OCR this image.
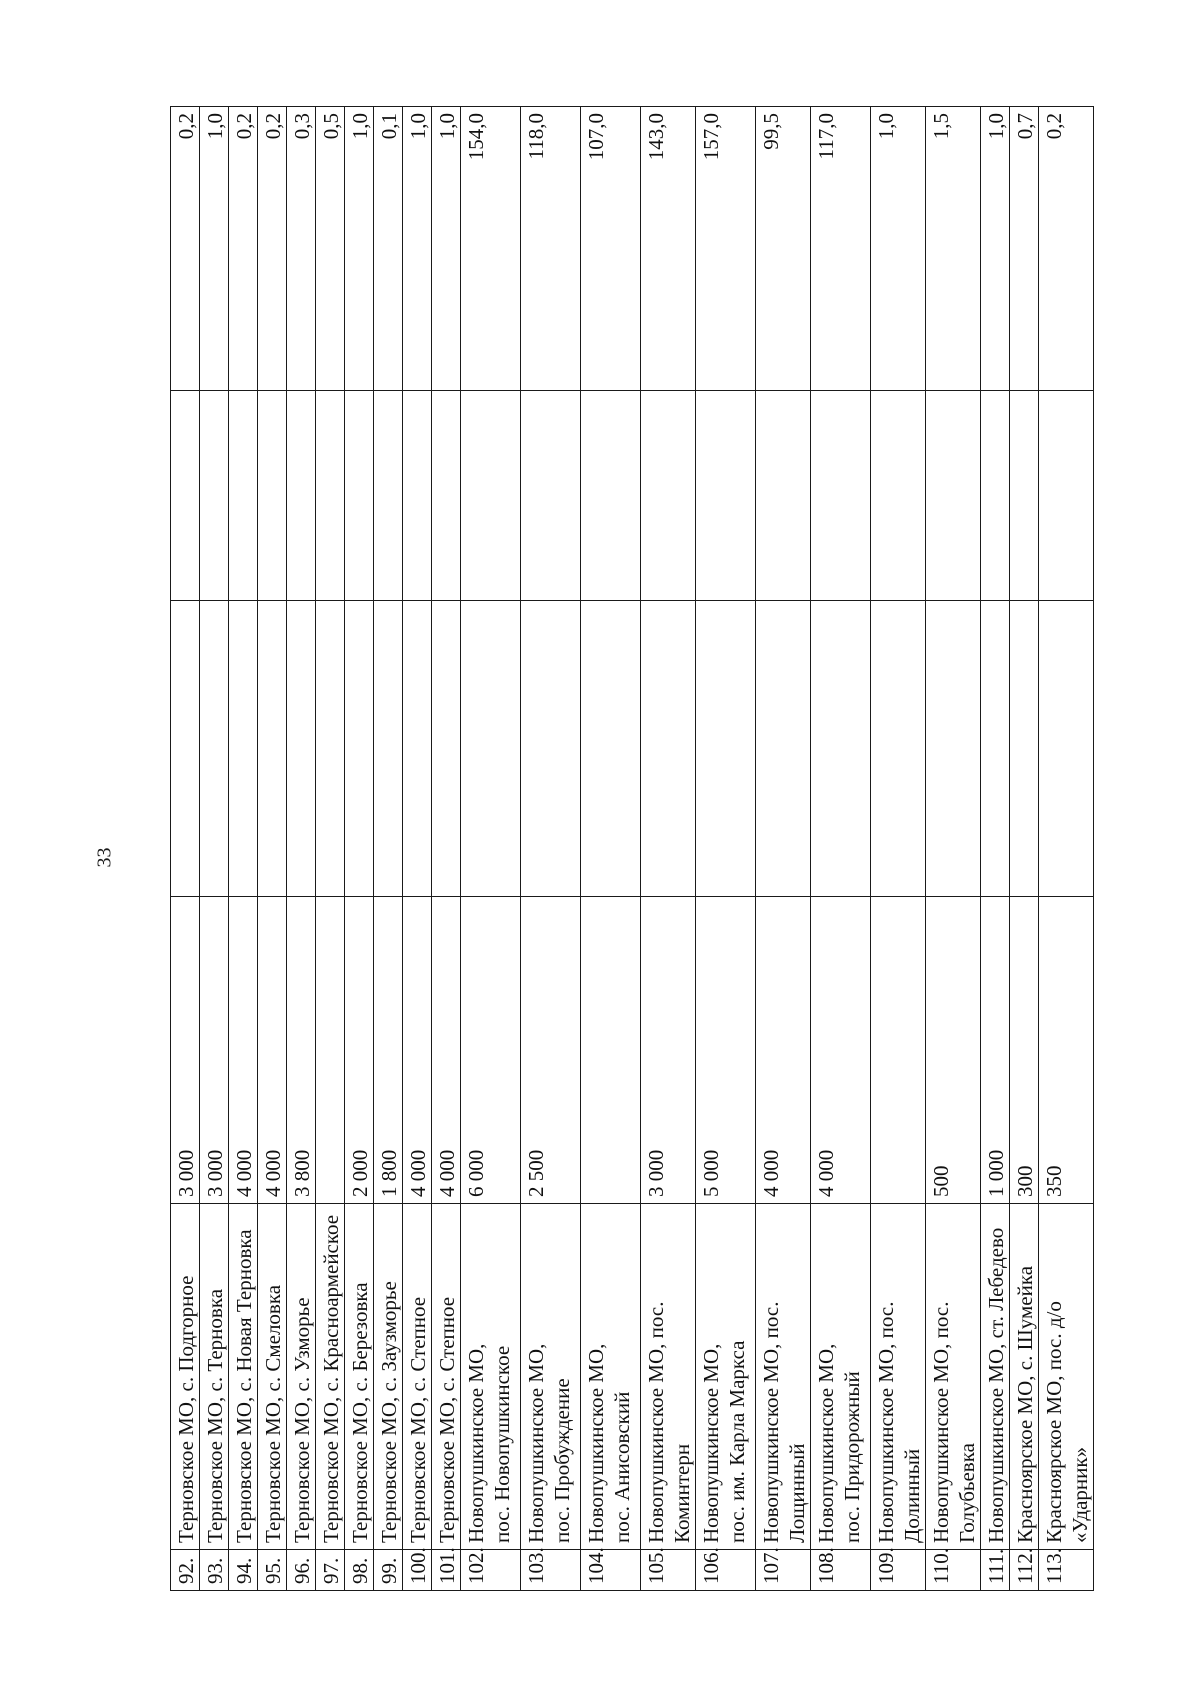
33
92.	Терновское МО, с. Подгорное	3 000			0,2
93.	Терновское МО, с. Терновка	3 000			1,0
94.	Терновское МО, с. Новая Терновка	4 000			0,2
95.	Терновское МО, с. Смеловка	4 000			0,2
96.	Терновское МО, с. Узморье	3 800			0,3
97.	Терновское МО, с. Красноармейское				0,5
98.	Терновское МО, с. Березовка	2 000			1,0
99.	Терновское МО, с. Заузморье	1 800			0,1
100.	Терновское МО, с. Степное	4 000			1,0
101.	Терновское МО, с. Степное	4 000			1,0
102.	Новопушкинское МО,
пос. Новопушкинское	6 000			154,0
103.	Новопушкинское МО,
пос. Пробуждение	2 500			118,0
104.	Новопушкинское МО,
пос. Анисовский				107,0
105.	Новопушкинское МО, пос. Коминтерн	3 000			143,0
106.	Новопушкинское МО,
пос. им. Карла Маркса	5 000			157,0
107.	Новопушкинское МО, пос. Лощинный	4 000			99,5
108.	Новопушкинское МО,
пос. Придорожный	4 000			117,0
109.	Новопушкинское МО, пос. Долинный				1,0
110.	Новопушкинское МО, пос. Голубьевка	500			1,5
111.	Новопушкинское МО, ст. Лебедево	1 000			1,0
112.	Красноярское МО, с. Шумейка	300			0,7
113.	Красноярское МО, пос. д/о «Ударник»	350			0,2
